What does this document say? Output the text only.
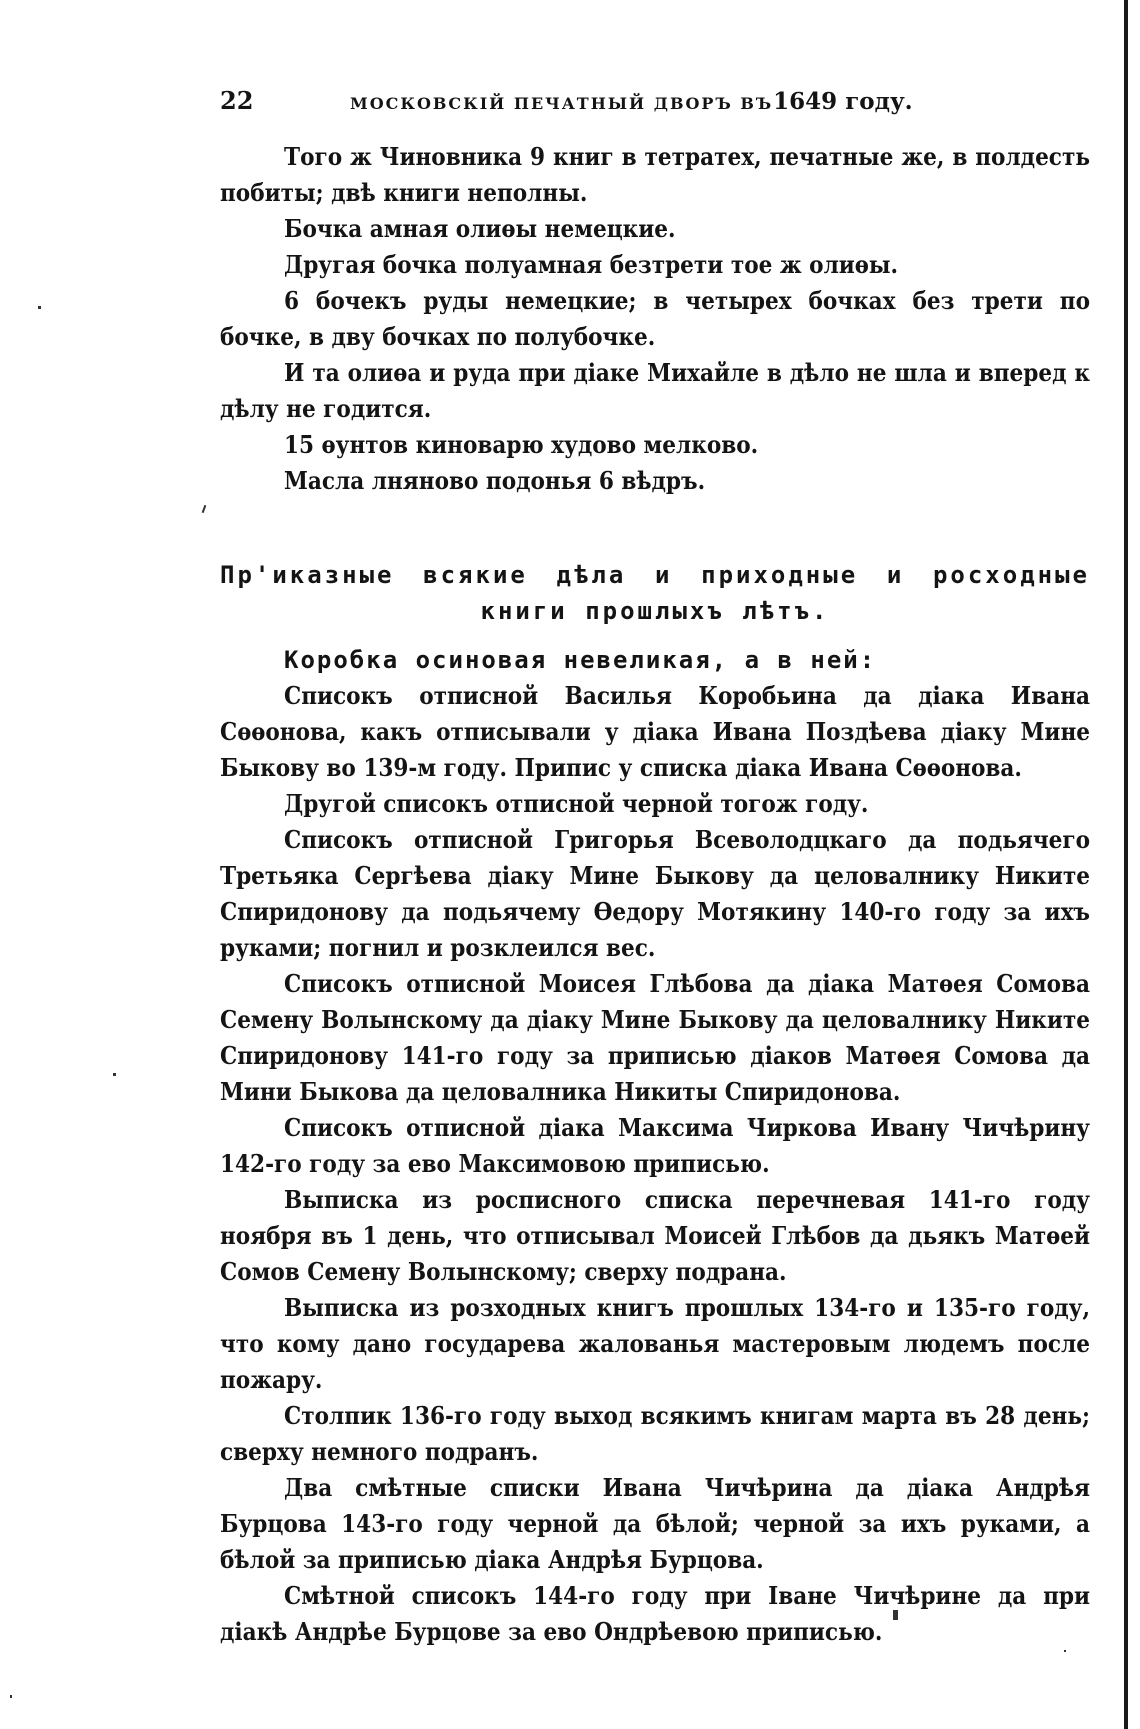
22	МОСКОВСКІЙ ПЕЧАТНЫЙ ДВОРЪ ВЪ 1649 году.

Того ж Чиновника 9 книг в тетратех, печатные же, в полдесть побиты; двѣ книги неполны.

Бочка амная олиѳы немецкие.

Другая бочка полуамная безтрети тое ж олиѳы.

6 бочекъ руды немецкие; в четырех бочках без трети по бочке, в дву бочках по полубочке.

И та олиѳа и руда при діаке Михайле в дѣло не шла и вперед к дѣлу не годится.

15 ѳунтов киноварю худово мелково.

Масла лняново подонья 6 вѣдръ.

Пр'иказные всякие дѣла и приходные и росходные книги прошлыхъ лѣтъ.

Коробка осиновая невеликая, а в ней:

Списокъ отписной Василья Коробьина да діака Ивана Сѳѳонова, какъ отписывали у діака Ивана Поздѣева діаку Мине Быкову во 139-м году. Припис у списка діака Ивана Сѳѳонова.

Другой списокъ отписной черной тогож году.

Списокъ отписной Григорья Всеволодцкаго да подьячего Третьяка Сергѣева діаку Мине Быкову да целовалнику Никите Спиридонову да подьячему Ѳедору Мотякину 140-го году за ихъ руками; погнил и розклеился вес.

Списокъ отписной Моисея Глѣбова да діака Матѳея Сомова Семену Волынскому да діаку Мине Быкову да целовалнику Никите Спиридонову 141-го году за приписью діаков Матѳея Сомова да Мини Быкова да целовалника Никиты Спиридонова.

Списокъ отписной діака Максима Чиркова Ивану Чичѣрину 142-го году за ево Максимовою приписью.

Выписка из росписного списка перечневая 141-го году ноября въ 1 день, что отписывал Моисей Глѣбов да дьякъ Матѳей Сомов Семену Волынскому; сверху подрана.

Выписка из розходных книгъ прошлых 134-го и 135-го году, что кому дано государева жалованья мастеровым людемъ после пожару.

Столпик 136-го году выход всякимъ книгам марта въ 28 день; сверху немного подранъ.

Два смѣтные списки Ивана Чичѣрина да діака Андрѣя Бурцова 143-го году черной да бѣлой; черной за ихъ руками, а бѣлой за приписью діака Андрѣя Бурцова.

Смѣтной списокъ 144-го году при Іване Чичѣрине да при діакѣ Андрѣе Бурцове за ево Ондрѣевою приписью.
